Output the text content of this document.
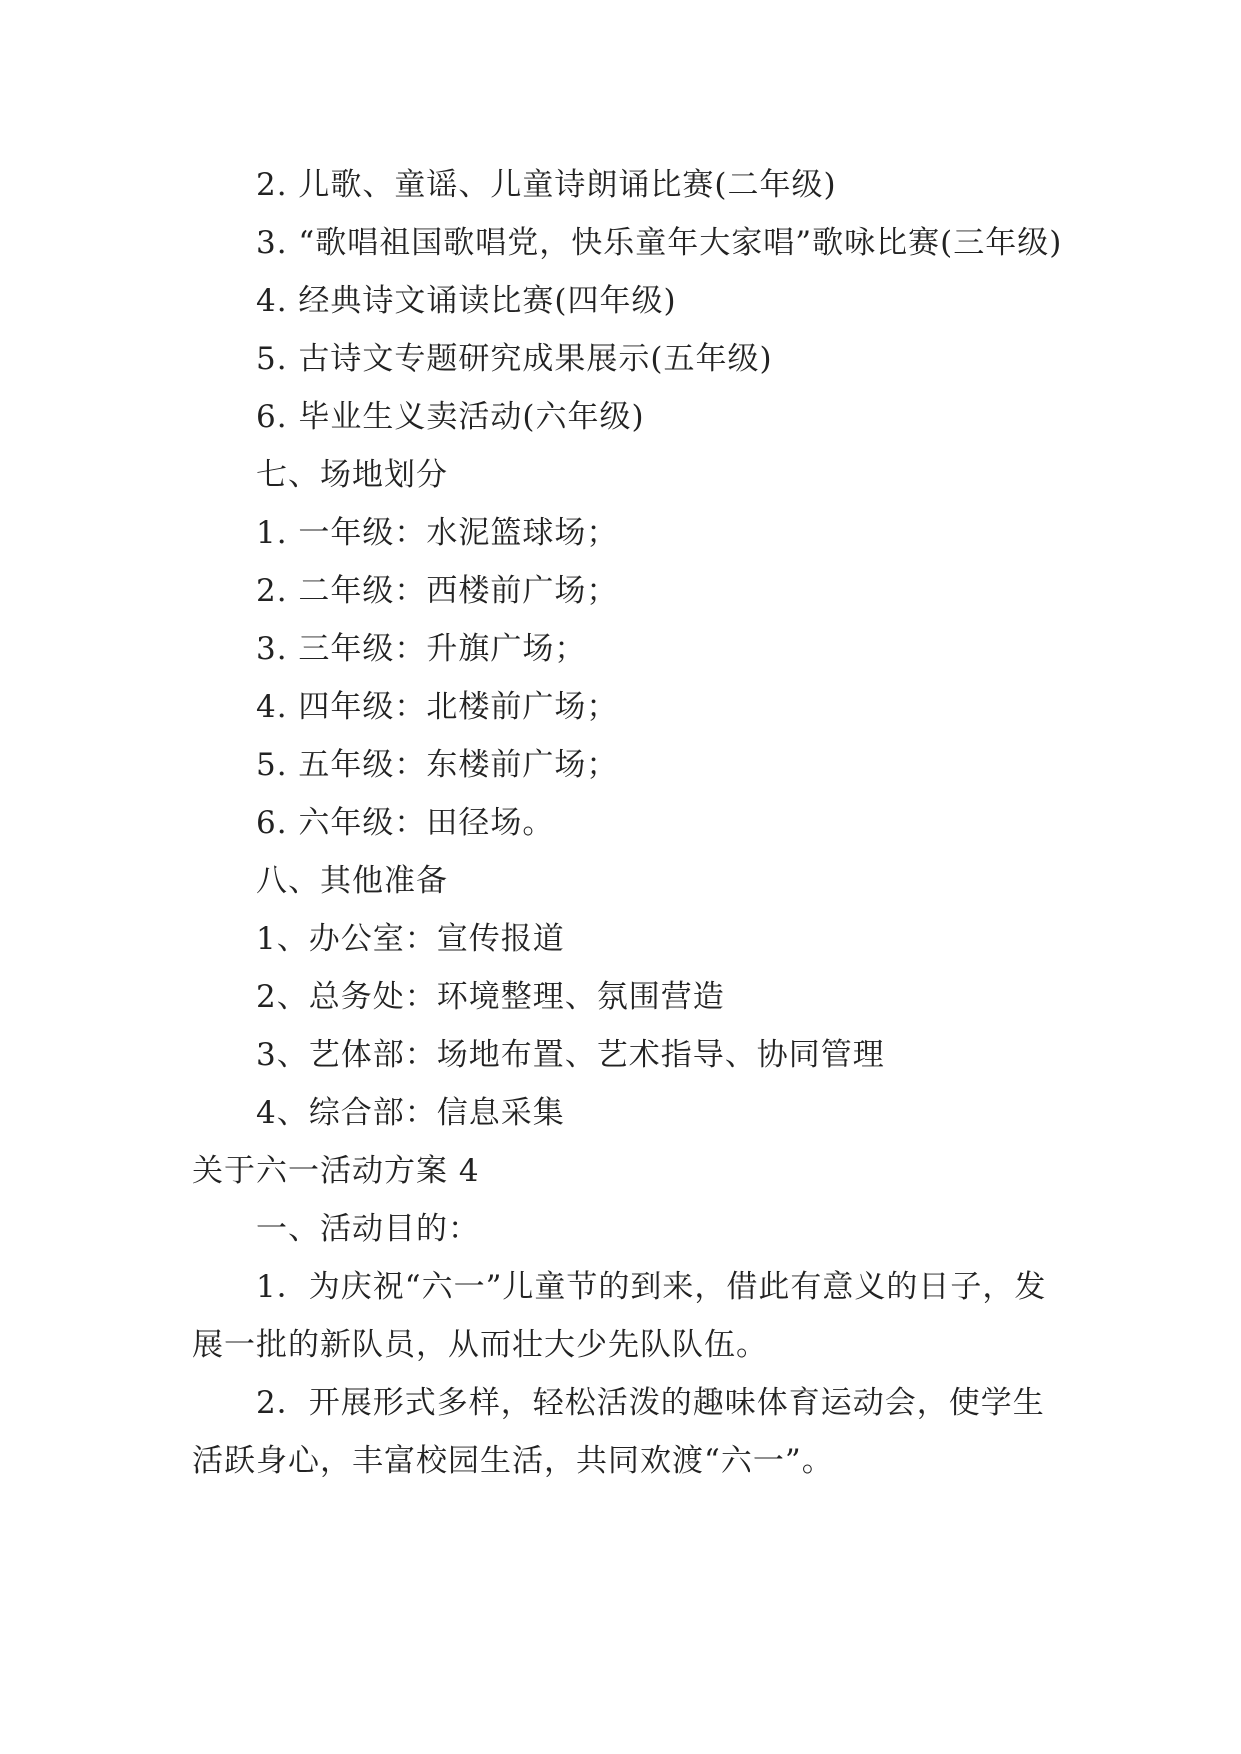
2. 儿歌、童谣、儿童诗朗诵比赛(二年级)

3. “歌唱祖国歌唱党，快乐童年大家唱”歌咏比赛(三年级)

4. 经典诗文诵读比赛(四年级)

5. 古诗文专题研究成果展示(五年级)

6. 毕业生义卖活动(六年级)

七、场地划分

1. 一年级：水泥篮球场；

2. 二年级：西楼前广场；

3. 三年级：升旗广场；

4. 四年级：北楼前广场；

5. 五年级：东楼前广场；

6. 六年级：田径场。

八、其他准备

1、办公室：宣传报道

2、总务处：环境整理、氛围营造

3、艺体部：场地布置、艺术指导、协同管理

4、综合部：信息采集

关于六一活动方案 4

一、活动目的：

1．为庆祝“六一”儿童节的到来，借此有意义的日子，发展一批的新队员，从而壮大少先队队伍。

2．开展形式多样，轻松活泼的趣味体育运动会，使学生活跃身心，丰富校园生活，共同欢渡“六一”。
